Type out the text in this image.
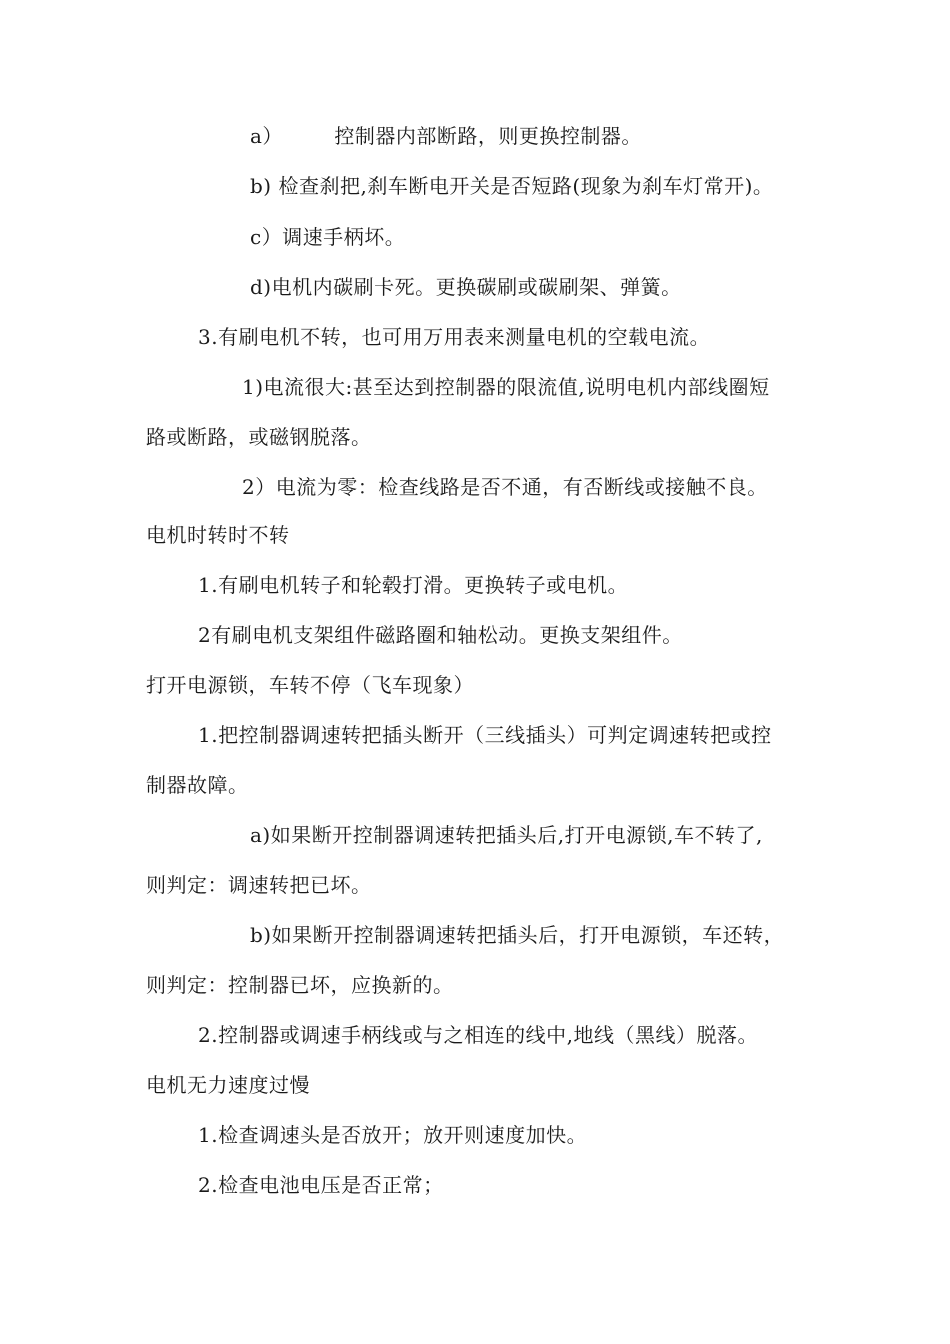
a）　　　控制器内部断路，则更换控制器。
b) 检查刹把,刹车断电开关是否短路(现象为刹车灯常开)。
c）调速手柄坏。
d)电机内碳刷卡死。更换碳刷或碳刷架、弹簧。
3.有刷电机不转，也可用万用表来测量电机的空载电流。
1)电流很大:甚至达到控制器的限流值,说明电机内部线圈短
路或断路，或磁钢脱落。
2）电流为零：检查线路是否不通，有否断线或接触不良。
电机时转时不转
1.有刷电机转子和轮毂打滑。更换转子或电机。
2有刷电机支架组件磁路圈和轴松动。更换支架组件。
打开电源锁，车转不停（飞车现象）
1.把控制器调速转把插头断开（三线插头）可判定调速转把或控
制器故障。
a)如果断开控制器调速转把插头后,打开电源锁,车不转了,
则判定：调速转把已坏。
b)如果断开控制器调速转把插头后，打开电源锁，车还转，
则判定：控制器已坏，应换新的。
2.控制器或调速手柄线或与之相连的线中,地线（黑线）脱落。
电机无力速度过慢
1.检查调速头是否放开；放开则速度加快。
2.检查电池电压是否正常；
